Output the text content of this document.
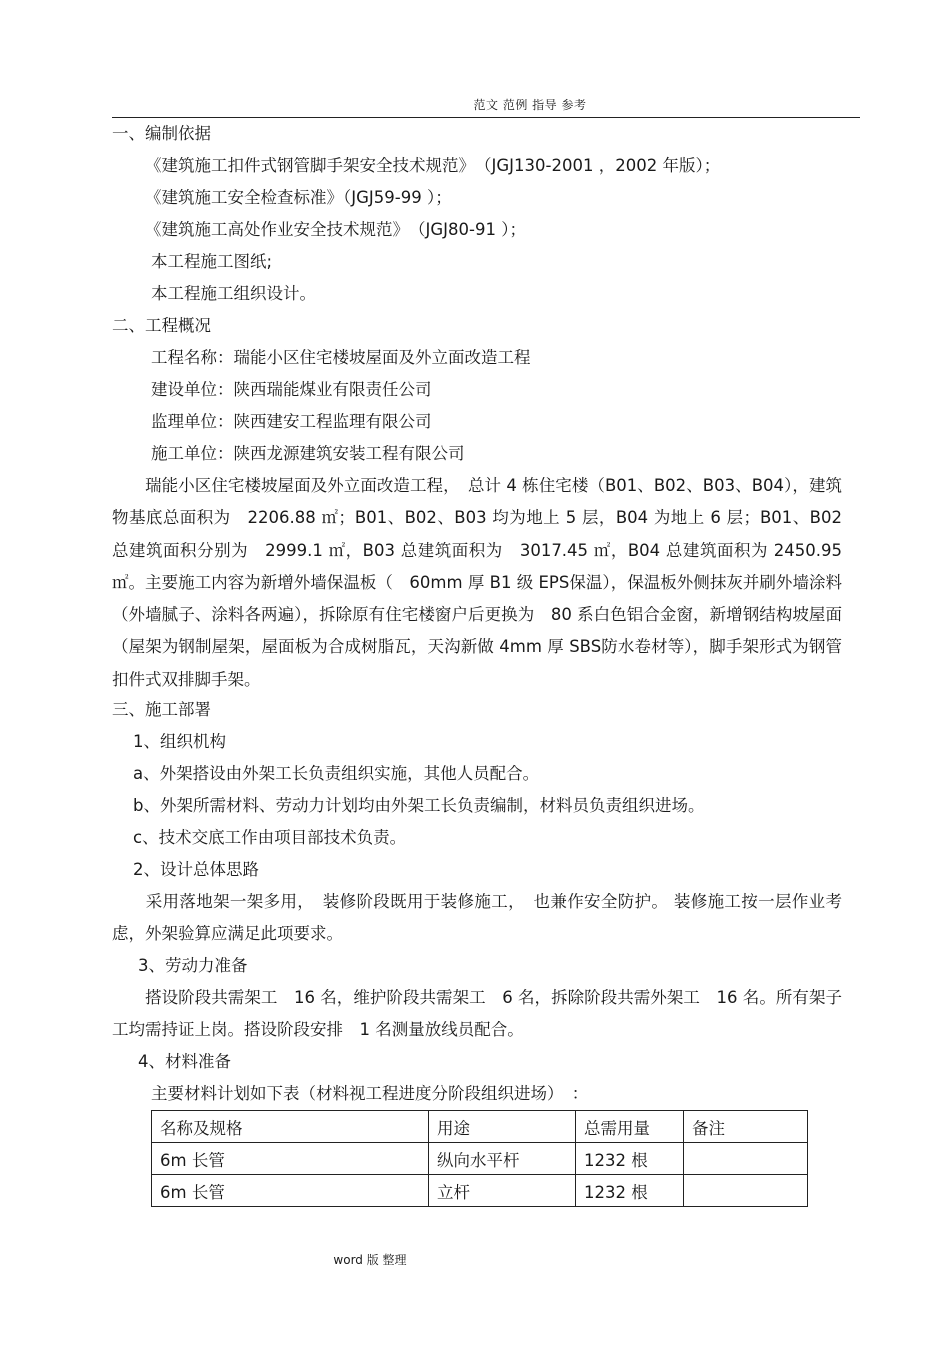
范文 范例 指导 参考
一、编制依据
《建筑施工扣件式钢管脚手架安全技术规范》　（JGJ130-2001 ，2002 年版）；
《建筑施工安全检查标准》（JGJ59-99 ）；
《建筑施工高处作业安全技术规范》　（JGJ80-91 ）；
本工程施工图纸;
本工程施工组织设计。
二、工程概况
工程名称：瑞能小区住宅楼坡屋面及外立面改造工程
建设单位：陕西瑞能煤业有限责任公司
监理单位：陕西建安工程监理有限公司
施工单位：陕西龙源建筑安装工程有限公司
　　瑞能小区住宅楼坡屋面及外立面改造工程，　总计 4 栋住宅楼（B01、B02、B03、B04），建筑物基底总面积为　2206.88 ㎡；B01、B02、B03 均为地上 5 层，B04 为地上 6 层；B01、B02 总建筑面积分别为　2999.1 ㎡，B03 总建筑面积为　3017.45 ㎡，B04 总建筑面积为 2450.95 ㎡。主要施工内容为新增外墙保温板（　60mm 厚 B1 级 EPS保温），保温板外侧抹灰并刷外墙涂料（外墙腻子、涂料各两遍），拆除原有住宅楼窗户后更换为　80 系白色铝合金窗，新增钢结构坡屋面（屋架为钢制屋架，屋面板为合成树脂瓦，天沟新做 4mm 厚 SBS防水卷材等），脚手架形式为钢管扣件式双排脚手架。
三、施工部署
1、组织机构
a、外架搭设由外架工长负责组织实施，其他人员配合。
b、外架所需材料、劳动力计划均由外架工长负责编制，材料员负责组织进场。
c、技术交底工作由项目部技术负责。
2、设计总体思路
　　采用落地架一架多用，　装修阶段既用于装修施工，　也兼作安全防护。 装修施工按一层作业考虑，外架验算应满足此项要求。
3、劳动力准备
　　搭设阶段共需架工　16 名，维护阶段共需架工　6 名，拆除阶段共需外架工　16 名。所有架子工均需持证上岗。搭设阶段安排　1 名测量放线员配合。
4、材料准备
主要材料计划如下表（材料视工程进度分阶段组织进场）　：
名称及规格	用途	总需用量	备注
6m 长管	纵向水平杆	1232 根	
6m 长管	立杆	1232 根	
word 版 整理
